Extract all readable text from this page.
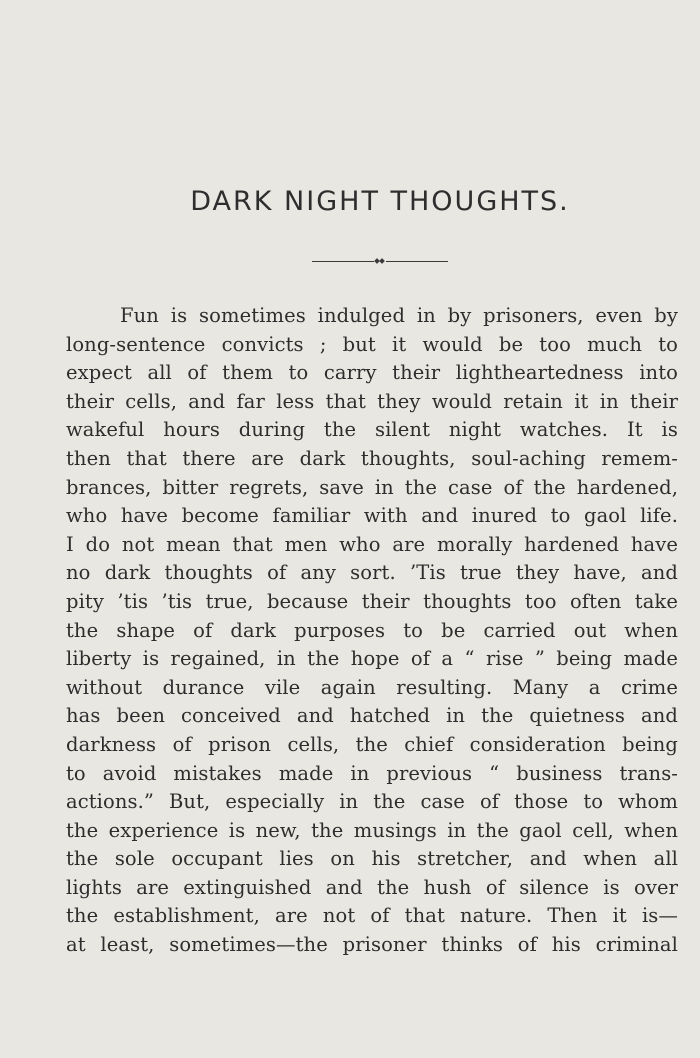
DARK NIGHT THOUGHTS.
Fun is sometimes indulged in by prisoners, even by
long-sentence convicts ; but it would be too much to
expect all of them to carry their lightheartedness into
their cells, and far less that they would retain it in their
wakeful hours during the silent night watches. It is
then that there are dark thoughts, soul-aching remem-
brances, bitter regrets, save in the case of the hardened,
who have become familiar with and inured to gaol life.
I do not mean that men who are morally hardened have
no dark thoughts of any sort. ’Tis true they have, and
pity ’tis ’tis true, because their thoughts too often take
the shape of dark purposes to be carried out when
liberty is regained, in the hope of a “ rise ” being made
without durance vile again resulting. Many a crime
has been conceived and hatched in the quietness and
darkness of prison cells, the chief consideration being
to avoid mistakes made in previous “ business trans-
actions.” But, especially in the case of those to whom
the experience is new, the musings in the gaol cell, when
the sole occupant lies on his stretcher, and when all
lights are extinguished and the hush of silence is over
the establishment, are not of that nature. Then it is—
at least, sometimes—the prisoner thinks of his criminal
